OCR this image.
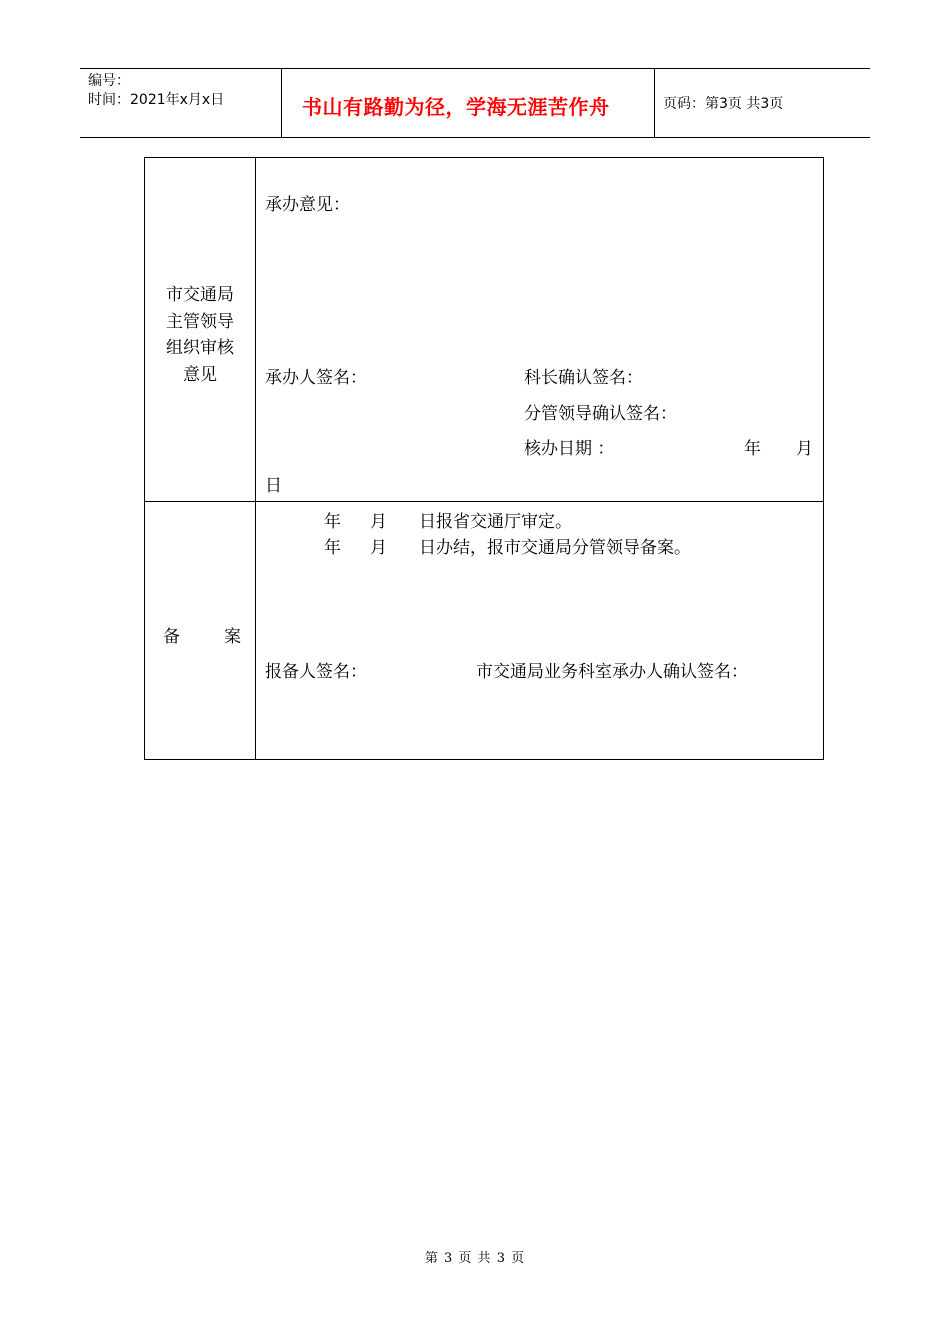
编号：
时间：2021年x月x日	书山有路勤为径，学海无涯苦作舟	页码：第3页 共3页
市交通局
主管领导
组织审核
意见
承办意见：
承办人签名：	科长确认签名：
分管领导确认签名：
核办日期 ：	年 月
日
备案
年 月 日报省交通厅审定。
年 月 日办结，报市交通局分管领导备案。
报备人签名：	市交通局业务科室承办人确认签名：
第 3 页 共 3 页
